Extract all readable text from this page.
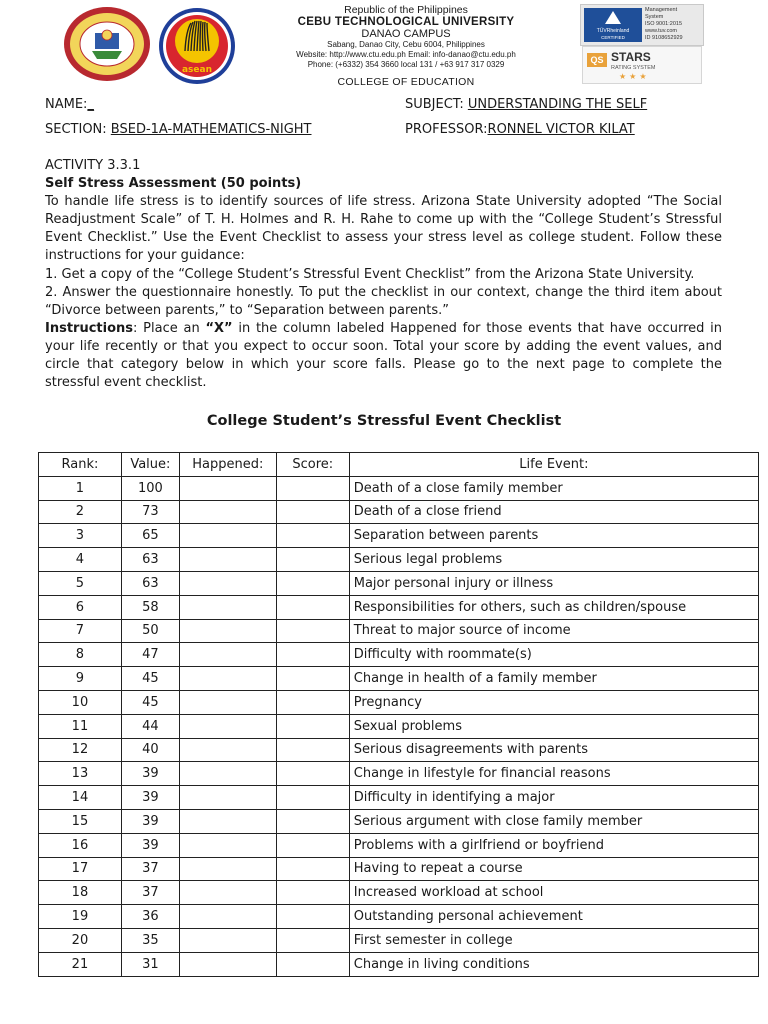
asean
Republic of the Philippines
CEBU TECHNOLOGICAL UNIVERSITY
DANAO CAMPUS
Sabang, Danao City, Cebu 6004, Philippines
Website: http://www.ctu.edu.ph Email: info-danao@ctu.edu.ph
Phone: (+6332) 354 3660 local 131 / +63 917 317 0329
COLLEGE OF EDUCATION
TÜVRheinland
CERTIFIED
Management
System
ISO 9001:2015
www.tuv.com
ID 9108652929
QS STARS
RATING SYSTEM
★★★
NAME:_	SUBJECT: UNDERSTANDING THE SELF
SECTION: BSED-1A-MATHEMATICS-NIGHT	PROFESSOR:RONNEL VICTOR KILAT

ACTIVITY 3.3.1

Self Stress Assessment (50 points)

To handle life stress is to identify sources of life stress. Arizona State University adopted “The Social Readjustment Scale” of T. H. Holmes and R. H. Rahe to come up with the “College Student’s Stressful Event Checklist.” Use the Event Checklist to assess your stress level as college student. Follow these instructions for your guidance:

1. Get a copy of the “College Student’s Stressful Event Checklist” from the Arizona State University.

2. Answer the questionnaire honestly. To put the checklist in our context, change the third item about “Divorce between parents,” to “Separation between parents.”

Instructions: Place an “X” in the column labeled Happened for those events that have occurred in your life recently or that you expect to occur soon. Total your score by adding the event values, and circle that category below in which your score falls. Please go to the next page to complete the stressful event checklist.

College Student’s Stressful Event Checklist
Rank:	Value:	Happened:	Score:	Life Event:
1	100			Death of a close family member
2	73			Death of a close friend
3	65			Separation between parents
4	63			Serious legal problems
5	63			Major personal injury or illness
6	58			Responsibilities for others, such as children/spouse
7	50			Threat to major source of income
8	47			Difficulty with roommate(s)
9	45			Change in health of a family member
10	45			Pregnancy
11	44			Sexual problems
12	40			Serious disagreements with parents
13	39			Change in lifestyle for financial reasons
14	39			Difficulty in identifying a major
15	39			Serious argument with close family member
16	39			Problems with a girlfriend or boyfriend
17	37			Having to repeat a course
18	37			Increased workload at school
19	36			Outstanding personal achievement
20	35			First semester in college
21	31			Change in living conditions
